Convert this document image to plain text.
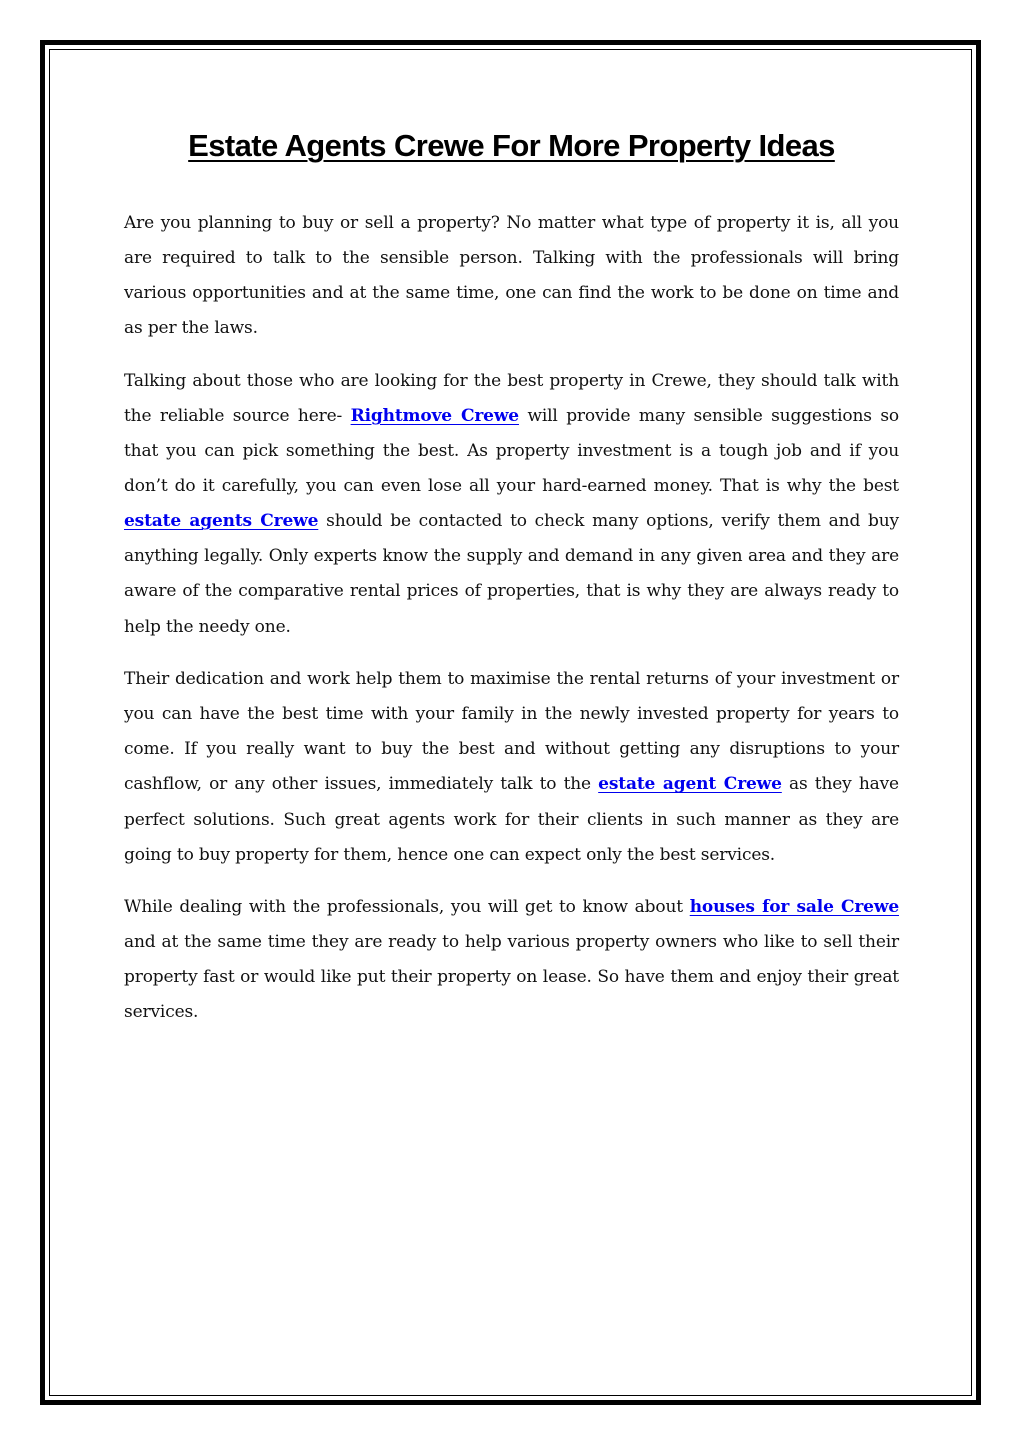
Estate Agents Crewe For More Property Ideas

Are you planning to buy or sell a property? No matter what type of property it is, all you are required to talk to the sensible person. Talking with the professionals will bring various opportunities and at the same time, one can find the work to be done on time and as per the laws.

Talking about those who are looking for the best property in Crewe, they should talk with the reliable source here- Rightmove Crewe will provide many sensible suggestions so that you can pick something the best. As property investment is a tough job and if you don’t do it carefully, you can even lose all your hard-earned money. That is why the best estate agents Crewe should be contacted to check many options, verify them and buy anything legally. Only experts know the supply and demand in any given area and they are aware of the comparative rental prices of properties, that is why they are always ready to help the needy one.

Their dedication and work help them to maximise the rental returns of your investment or you can have the best time with your family in the newly invested property for years to come. If you really want to buy the best and without getting any disruptions to your cashflow, or any other issues, immediately talk to the estate agent Crewe as they have perfect solutions. Such great agents work for their clients in such manner as they are going to buy property for them, hence one can expect only the best services.

While dealing with the professionals, you will get to know about houses for sale Crewe and at the same time they are ready to help various property owners who like to sell their property fast or would like put their property on lease. So have them and enjoy their great services.
